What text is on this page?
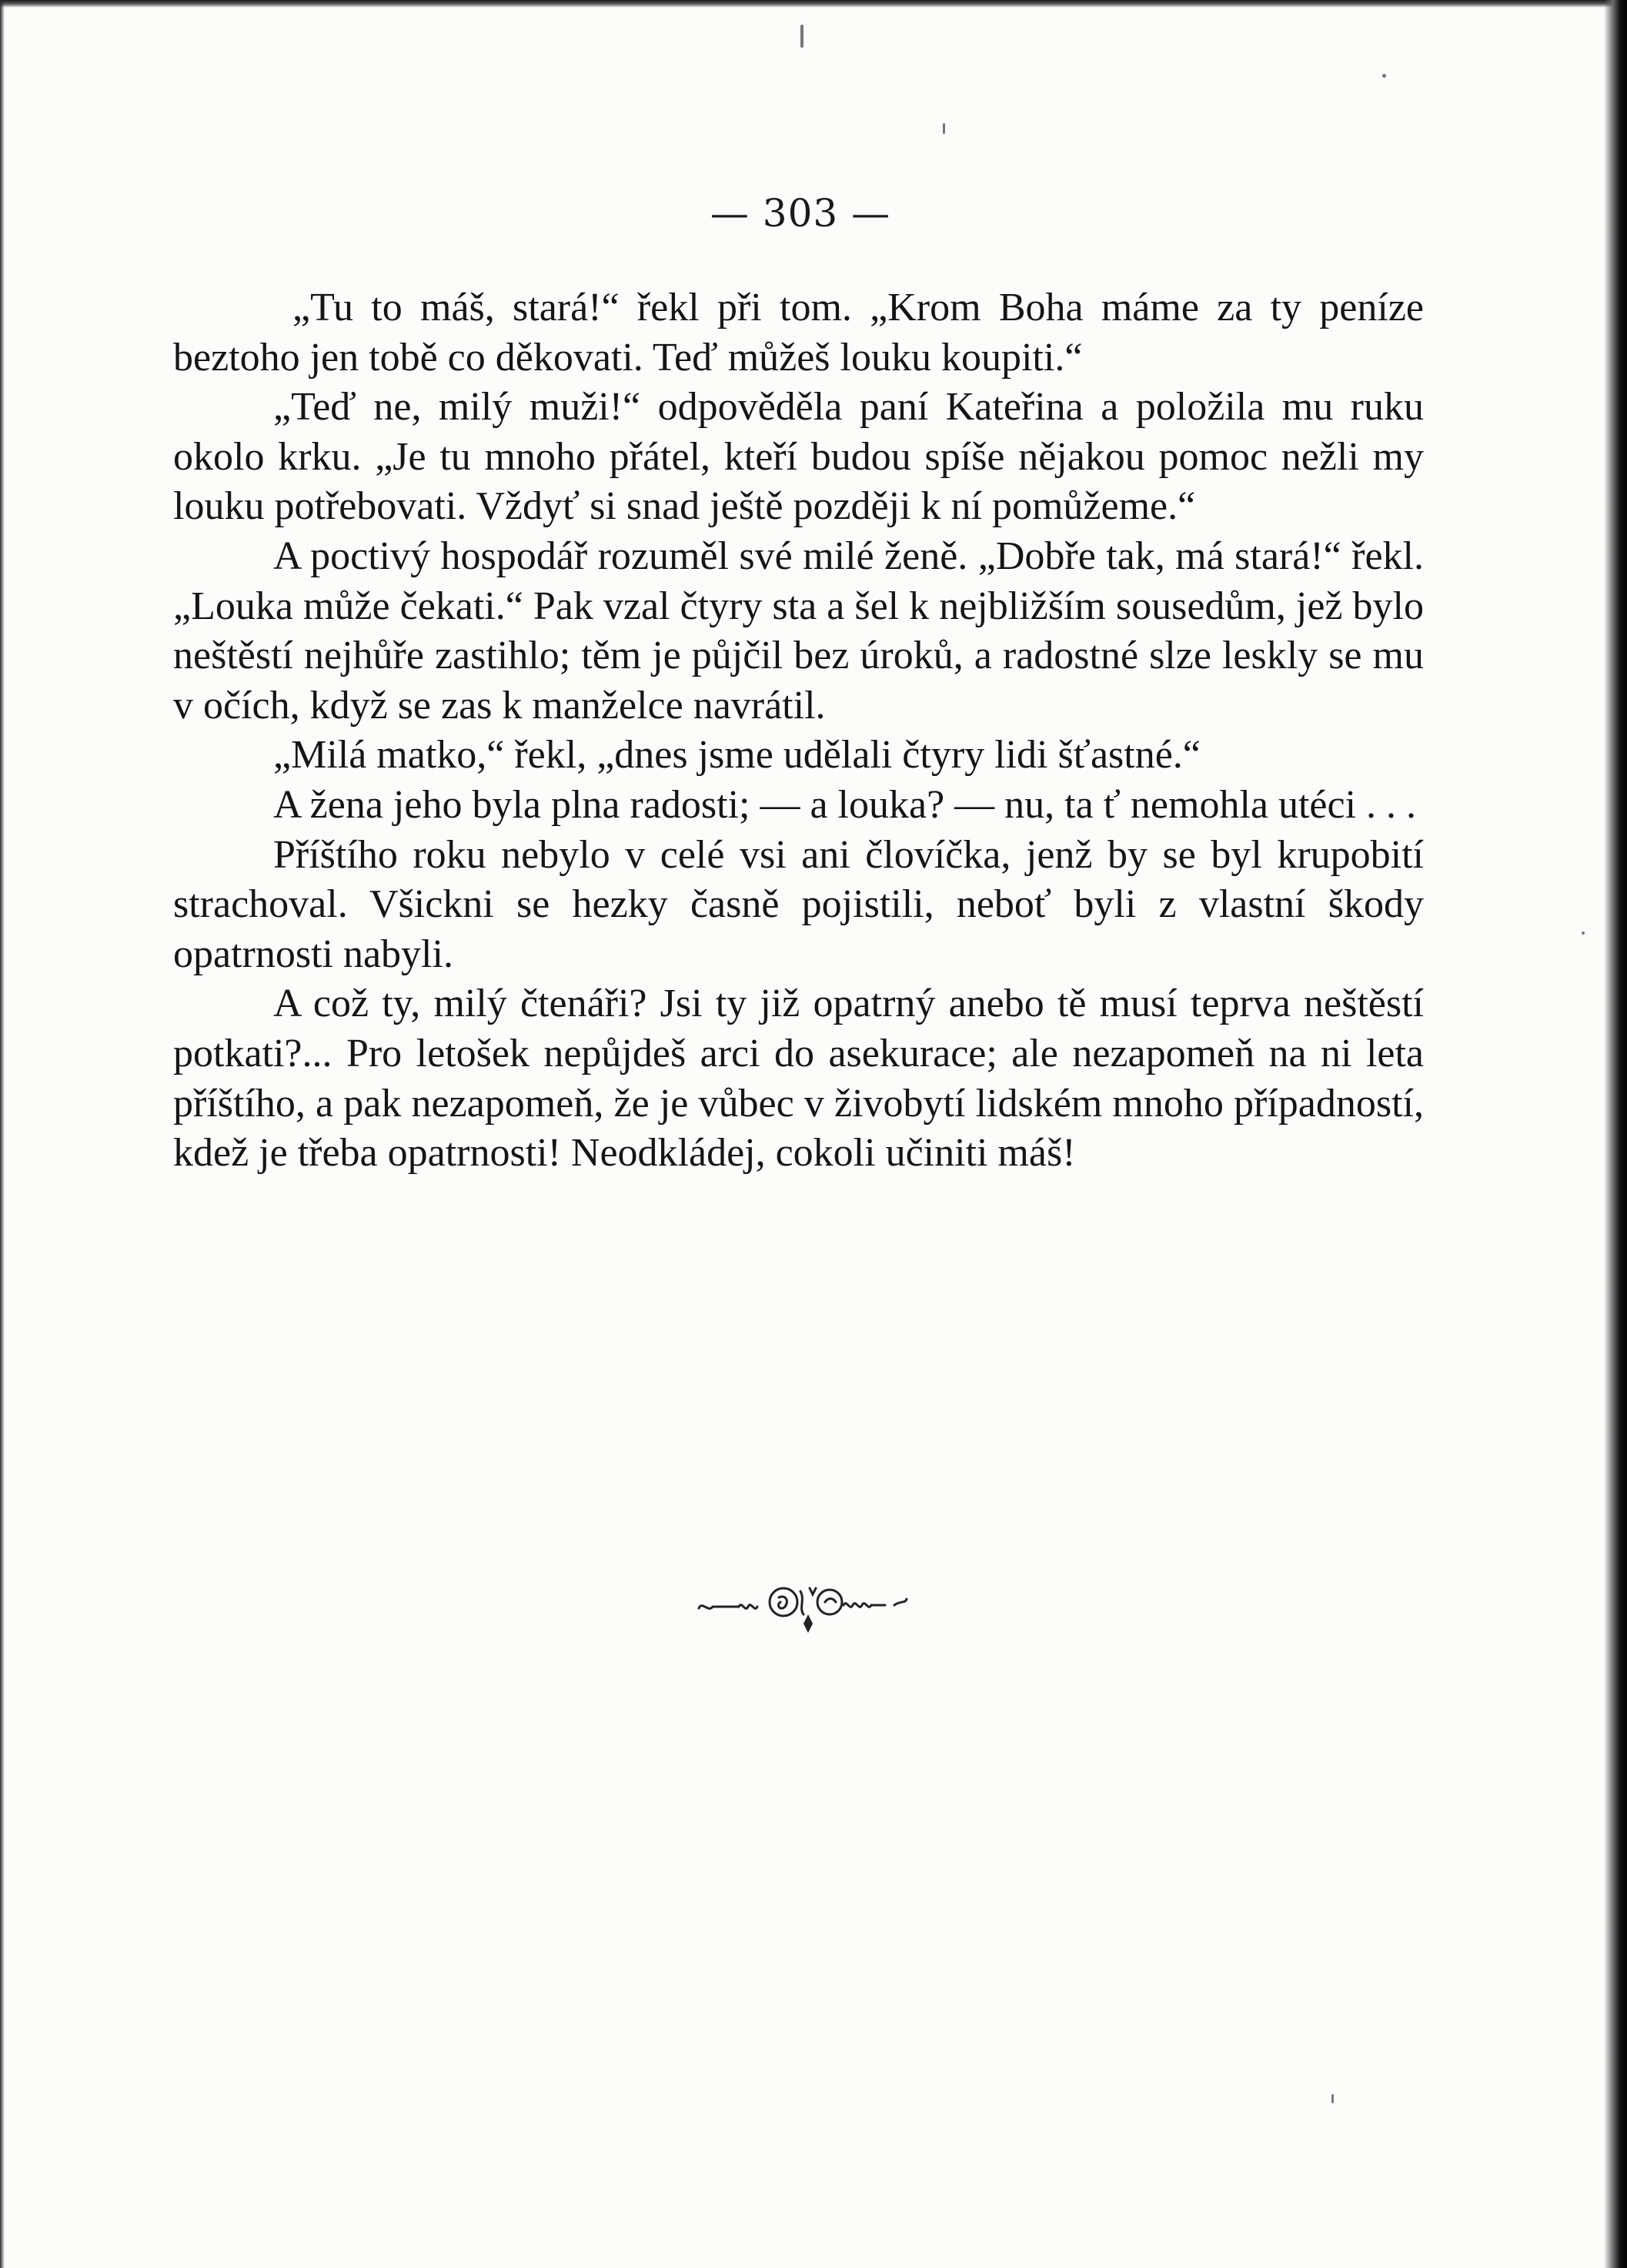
— 303 —

„Tu to máš, stará!“ řekl při tom. „Krom Boha máme za ty peníze beztoho jen tobě co děkovati. Teď můžeš louku koupiti.“

„Teď ne, milý muži!“ odpověděla paní Kateřina a položila mu ruku okolo krku. „Je tu mnoho přátel, kteří budou spíše nějakou pomoc nežli my louku potřebovati. Vždyť si snad ještě později k ní pomůžeme.“

A poctivý hospodář rozuměl své milé ženě. „Dobře tak, má stará!“ řekl. „Louka může čekati.“ Pak vzal čtyry sta a šel k nejbližším sousedům, jež bylo neštěstí nejhůře zastihlo; těm je půjčil bez úroků, a radostné slze leskly se mu v očích, když se zas k manželce navrátil.

„Milá matko,“ řekl, „dnes jsme udělali čtyry lidi šťastné.“

A žena jeho byla plna radosti; — a louka? — nu, ta ť nemohla utéci . . .

Příštího roku nebylo v celé vsi ani človíčka, jenž by se byl krupobití strachoval. Všicknі se hezky časně pojistili, neboť byli z vlastní škody opatrnosti nabyli.

A což ty, milý čtenáři? Jsi ty již opatrný anebo tě musí teprva neštěstí potkati?... Pro letošek nepůjdeš arci do asekurace; ale nezapomeň na ni leta příštího, a pak nezapomeň, že je vůbec v živobytí lidském mnoho případností, kdež je třeba opatrnosti! Neodkládej, cokoli učiniti máš!
